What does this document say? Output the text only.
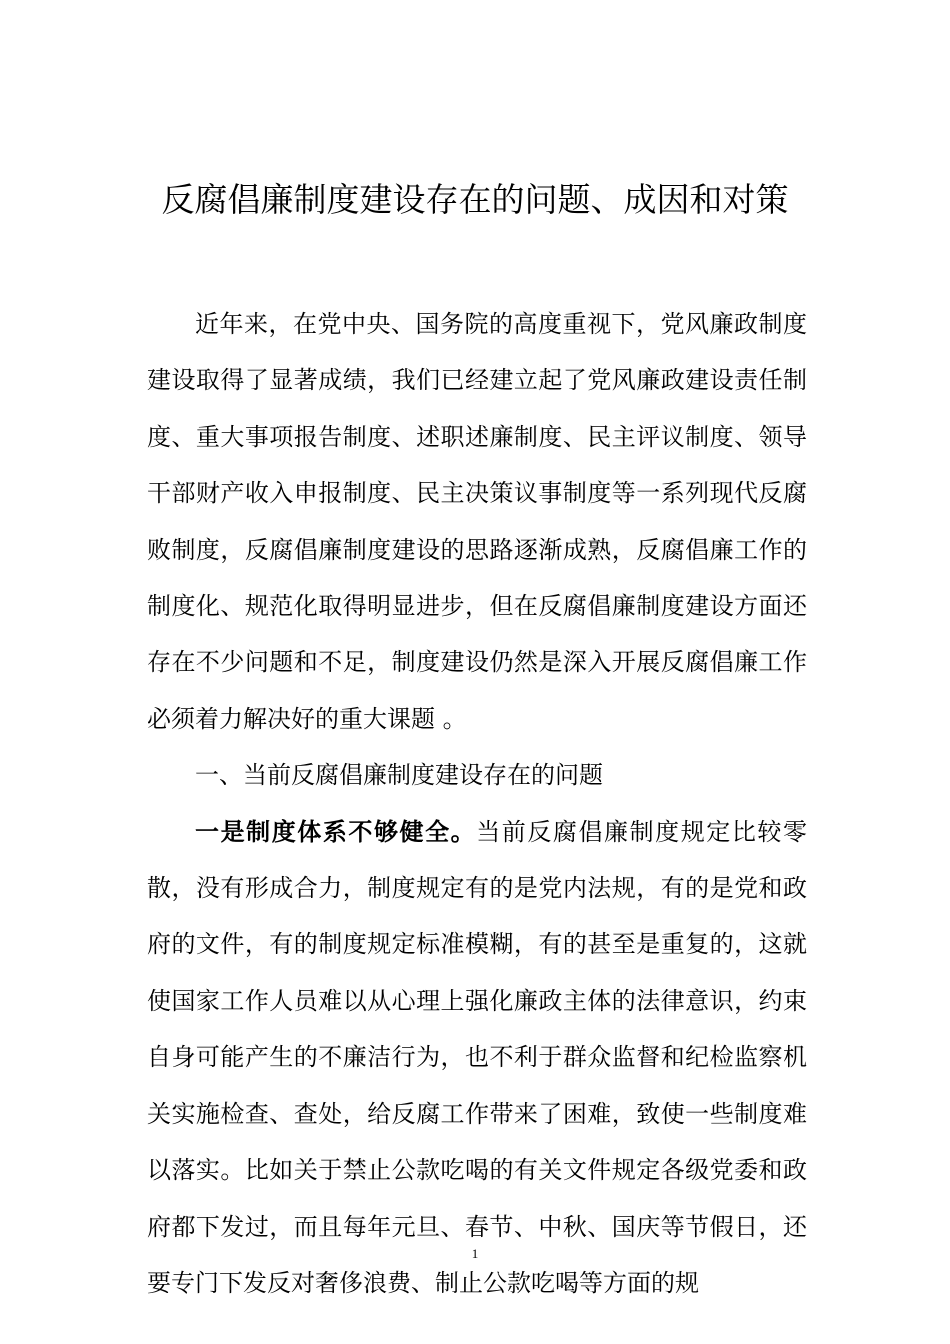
反腐倡廉制度建设存在的问题、成因和对策

近年来，在党中央、国务院的高度重视下，党风廉政制度建设取得了显著成绩，我们已经建立起了党风廉政建设责任制度、重大事项报告制度、述职述廉制度、民主评议制度、领导干部财产收入申报制度、民主决策议事制度等一系列现代反腐败制度，反腐倡廉制度建设的思路逐渐成熟，反腐倡廉工作的制度化、规范化取得明显进步，但在反腐倡廉制度建设方面还存在不少问题和不足，制度建设仍然是深入开展反腐倡廉工作必须着力解决好的重大课题 。

一、当前反腐倡廉制度建设存在的问题

一是制度体系不够健全。当前反腐倡廉制度规定比较零散，没有形成合力，制度规定有的是党内法规，有的是党和政府的文件，有的制度规定标准模糊，有的甚至是重复的，这就使国家工作人员难以从心理上强化廉政主体的法律意识，约束自身可能产生的不廉洁行为，也不利于群众监督和纪检监察机关实施检查、查处，给反腐工作带来了困难，致使一些制度难以落实。比如关于禁止公款吃喝的有关文件规定各级党委和政府都下发过，而且每年元旦、春节、中秋、国庆等节假日，还要专门下发反对奢侈浪费、制止公款吃喝等方面的规

1
